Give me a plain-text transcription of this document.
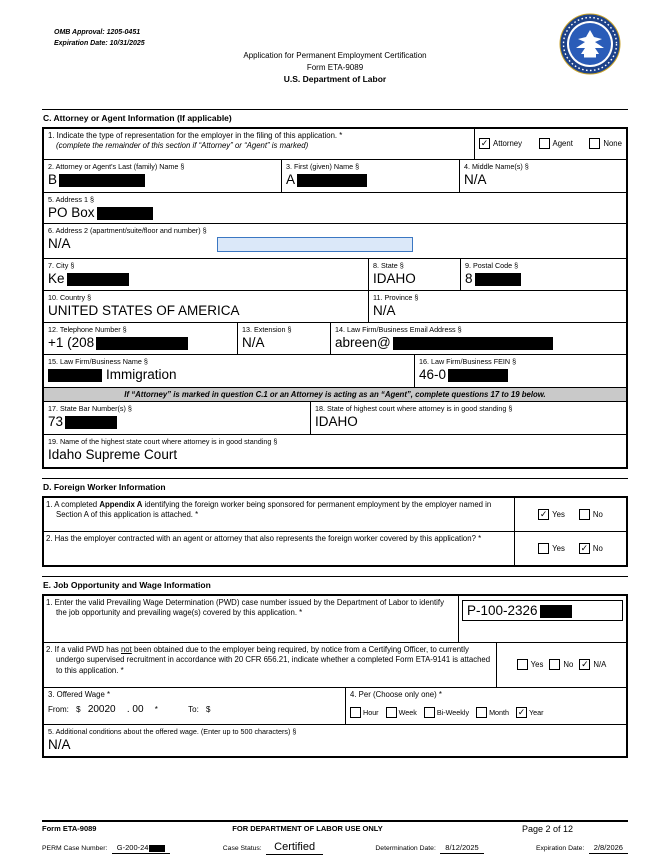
OMB Approval: 1205-0451
Expiration Date: 10/31/2025
Application for Permanent Employment Certification
Form ETA-9089
U.S. Department of Labor
C. Attorney or Agent Information (If applicable)
1. Indicate the type of representation for the employer in the filing of this application. *
(complete the remainder of this section if “Attorney” or “Agent” is marked)	✓ Attorney	Agent	None
2. Attorney or Agent's Last (family) Name §
B
3. First (given) Name §
A
4. Middle Name(s) §
N/A
5. Address 1 §
PO Box
6. Address 2 (apartment/suite/floor and number) §
N/A
7. City §
Ke
8. State §
IDAHO
9. Postal Code §
8
10. Country §
UNITED STATES OF AMERICA
11. Province §
N/A
12. Telephone Number §
+1 (208
13. Extension §
N/A
14. Law Firm/Business Email Address §
abreen@
15. Law Firm/Business Name §
Immigration
16. Law Firm/Business FEIN §
46-0
If “Attorney” is marked in question C.1 or an Attorney is acting as an “Agent”, complete questions 17 to 19 below.
17. State Bar Number(s) §
73
18. State of highest court where attorney is in good standing §
IDAHO
19. Name of the highest state court where attorney is in good standing §
Idaho Supreme Court
D. Foreign Worker Information
1. A completed Appendix A identifying the foreign worker being sponsored for permanent employment by the employer named in Section A of this application is attached. *	✓ Yes	No
2. Has the employer contracted with an agent or attorney that also represents the foreign worker covered by this application? *
Yes ✓ No
E. Job Opportunity and Wage Information
1. Enter the valid Prevailing Wage Determination (PWD) case number issued by the Department of Labor to identify the job opportunity and prevailing wage(s) covered by this application. *	P-100-2326
2. If a valid PWD has not been obtained due to the employer being required, by notice from a Certifying Officer, to currently undergo supervised recruitment in accordance with 20 CFR 656.21, indicate whether a completed Form ETA-9141 is attached to this application. *
Yes	No ✓ N/A
3. Offered Wage *
From: $ 20020 . 00 *	To: $
4. Per (Choose only one) *
Hour	Week	Bi-Weekly	Month ✓ Year
5. Additional conditions about the offered wage. (Enter up to 500 characters) §
N/A
Form ETA-9089	FOR DEPARTMENT OF LABOR USE ONLY	Page 2 of 12
PERM Case Number: G-200-24	Case Status: Certified	Determination Date: 8/12/2025	Expiration Date: 2/8/2026
